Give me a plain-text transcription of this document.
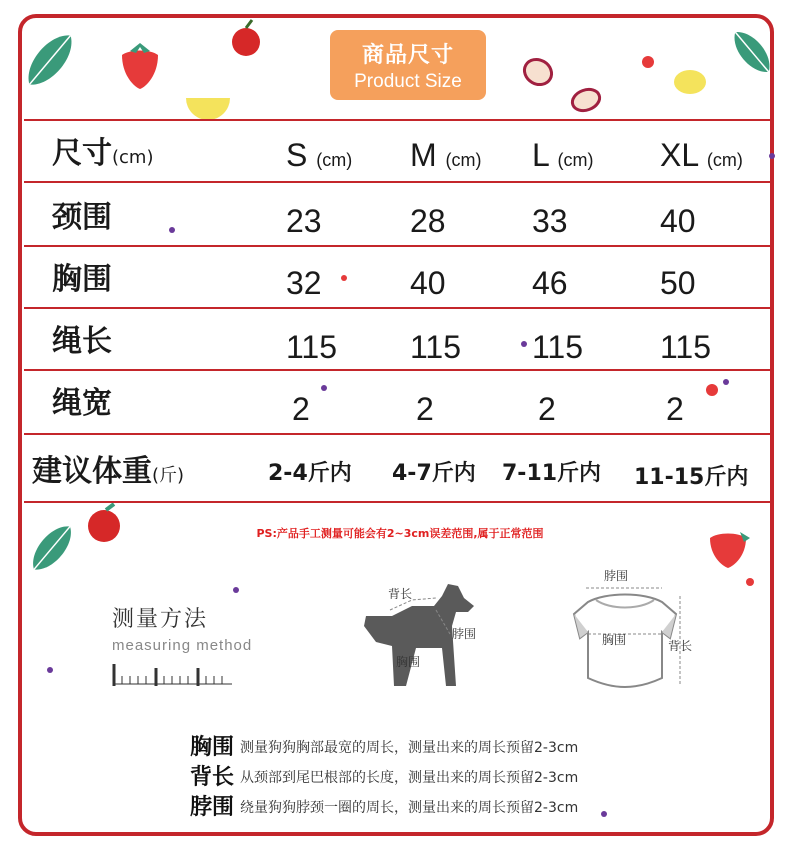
商品尺寸
Product Size
尺寸(cm)	S (cm) M (cm) L (cm) XL (cm)
颈围	23	28	33	40
胸围	32	40	46	50
绳长	115 115 115 115
绳宽	2	2	2	2
建议体重(斤)	2-4斤内 4-7斤内 7-11斤内 11-15斤内
PS:产品手工测量可能会有2~3cm误差范围,属于正常范围
测量方法
measuring method
背长
脖围
胸围
脖围
胸围	背长
胸围 测量狗狗胸部最宽的周长，测量出来的周长预留2-3cm
背长 从颈部到尾巴根部的长度，测量出来的周长预留2-3cm
脖围 绕量狗狗脖颈一圈的周长，测量出来的周长预留2-3cm
